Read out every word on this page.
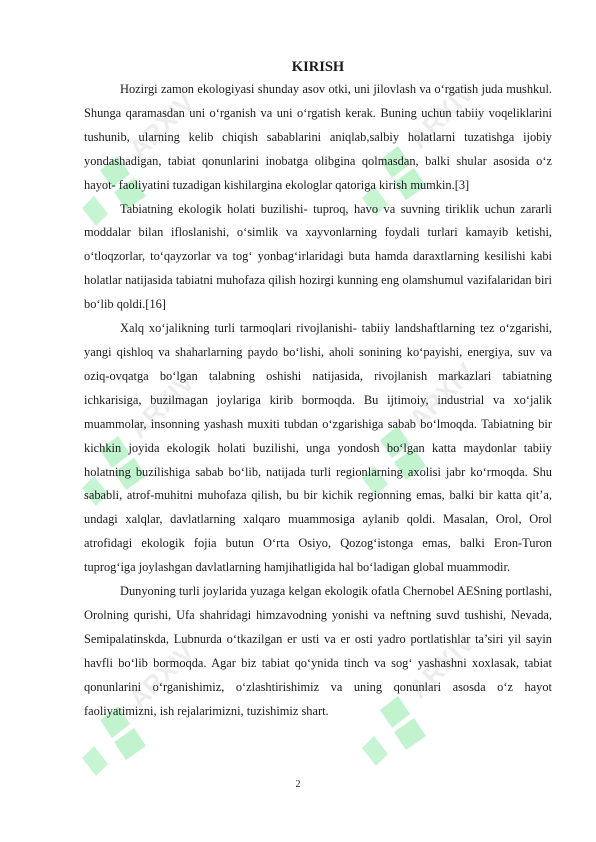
KIRISH

Hozirgi zamon ekologiyasi shunday asov otki, uni jilovlash va o‘rgatish juda mushkul. Shunga qaramasdan uni o‘rganish va uni o‘rgatish kerak. Buning uchun tabiiy voqeliklarini tushunib, ularning kelib chiqish sabablarini aniqlab,salbiy holatlarni tuzatishga ijobiy yondashadigan, tabiat qonunlarini inobatga olibgina qolmasdan, balki shular asosida o‘z hayot- faoliyatini tuzadigan kishilargina ekologlar qatoriga kirish mumkin.[3]

Tabiatning ekologik holati buzilishi- tuproq, havo va suvning tiriklik uchun zararli moddalar bilan ifloslanishi, o‘simlik va xayvonlarning foydali turlari kamayib ketishi, o‘tloqzorlar, to‘qayzorlar va tog‘ yonbag‘irlaridagi buta hamda daraxtlarning kesilishi kabi holatlar natijasida tabiatni muhofaza qilish hozirgi kunning eng olamshumul vazifalaridan biri bo‘lib qoldi.[16]

Xalq xo‘jalikning turli tarmoqlari rivojlanishi- tabiiy landshaftlarning tez o‘zgarishi, yangi qishloq va shaharlarning paydo bo‘lishi, aholi sonining ko‘payishi, energiya, suv va oziq-ovqatga bo‘lgan talabning oshishi natijasida, rivojlanish markazlari tabiatning ichkarisiga, buzilmagan joylariga kirib bormoqda. Bu ijtimoiy, industrial va xo‘jalik muammolar, insonning yashash muxiti tubdan o‘zgarishiga sabab bo‘lmoqda. Tabiatning bir kichkin joyida ekologik holati buzilishi, unga yondosh bo‘lgan katta maydonlar tabiiy holatning buzilishiga sabab bo‘lib, natijada turli regionlarning axolisi jabr ko‘rmoqda. Shu sababli, atrof-muhitni muhofaza qilish, bu bir kichik regionning emas, balki bir katta qit’a, undagi xalqlar, davlatlarning xalqaro muammosiga aylanib qoldi. Masalan, Orol, Orol atrofidagi ekologik fojia butun O‘rta Osiyo, Qozog‘istonga emas, balki Eron-Turon tuprog‘iga joylashgan davlatlarning hamjihatligida hal bo‘ladigan global muammodir.

Dunyoning turli joylarida yuzaga kelgan ekologik ofatla Chernobel AESning portlashi, Orolning qurishi, Ufa shahridagi himzavodning yonishi va neftning suvd tushishi, Nevada, Semipalatinskda, Lubnurda o‘tkazilgan er usti va er osti yadro portlatishlar ta’siri yil sayin havfli bo‘lib bormoqda. Agar biz tabiat qo‘ynida tinch va sog‘ yashashni xoxlasak, tabiat qonunlarini o‘rganishimiz, o‘zlashtirishimiz va uning qonunlari asosda o‘z hayot faoliyatimizni, ish rejalarimizni, tuzishimiz shart.

2
